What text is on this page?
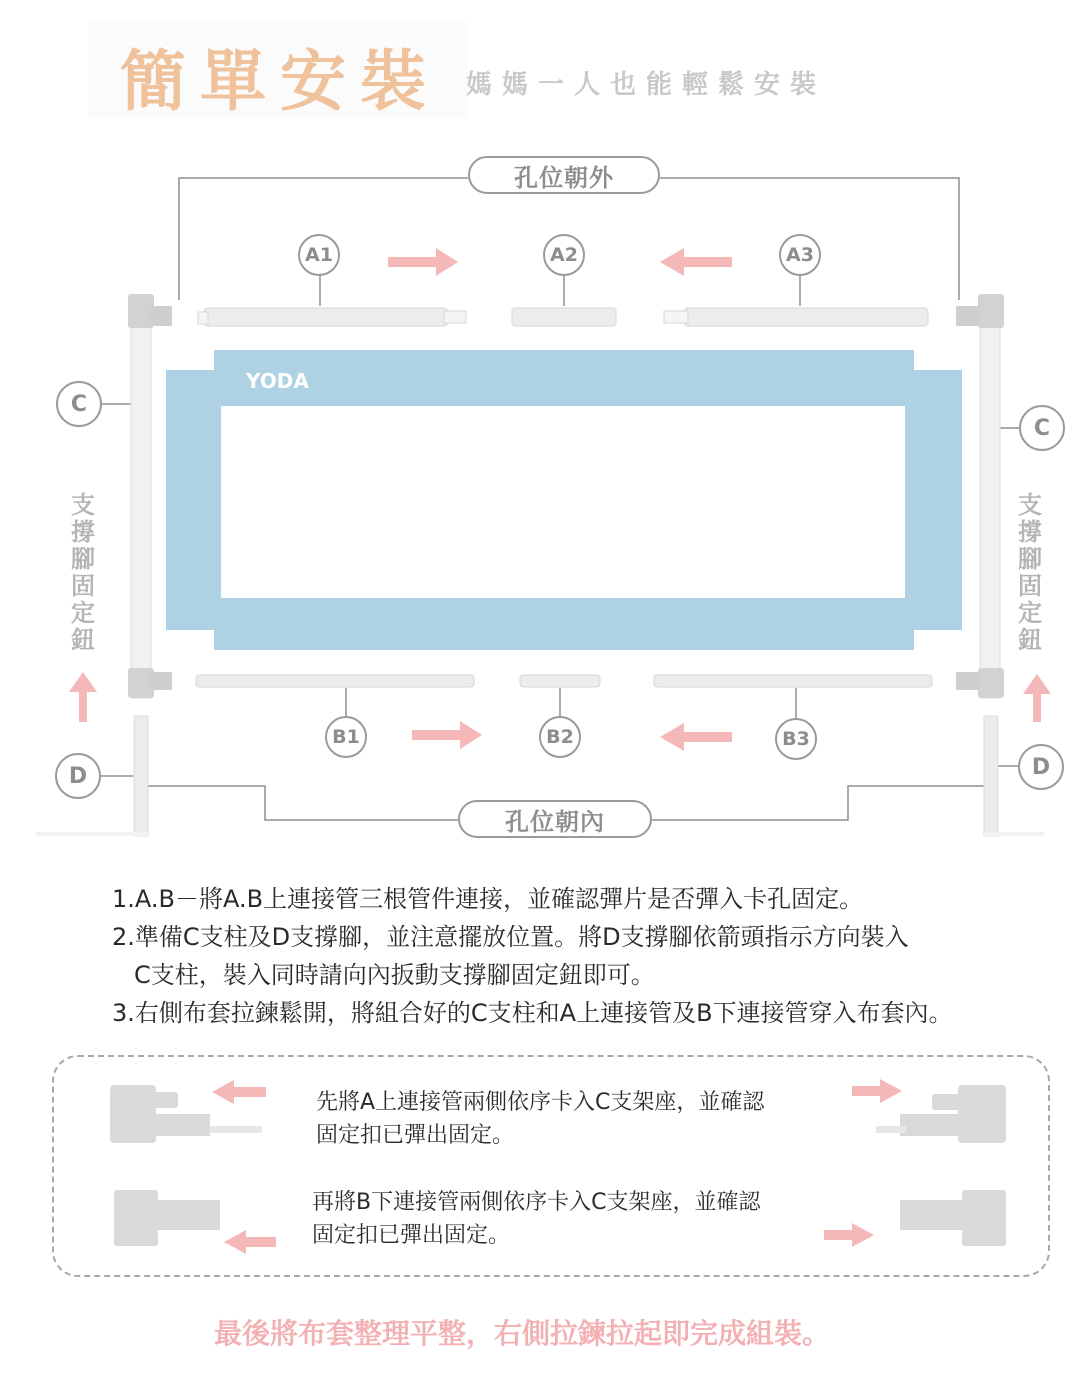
簡單安裝 媽媽一人也能輕鬆安裝
YODA
孔位朝外
孔位朝內
A1	A2	A3
B1	B2	B3
C
C
D	D
支
撐
腳
固
定
鈕
支
撐
腳
固
定
鈕

1.A.B－將A.B上連接管三根管件連接，並確認彈片是否彈入卡孔固定。

2.準備C支柱及D支撐腳，並注意擺放位置。將D支撐腳依箭頭指示方向裝入

C支柱，裝入同時請向內扳動支撐腳固定鈕即可。

3.右側布套拉鍊鬆開，將組合好的C支柱和A上連接管及B下連接管穿入布套內。

先將A上連接管兩側依序卡入C支架座，並確認
固定扣已彈出固定。
再將B下連接管兩側依序卡入C支架座，並確認
固定扣已彈出固定。
最後將布套整理平整，右側拉鍊拉起即完成組裝。
